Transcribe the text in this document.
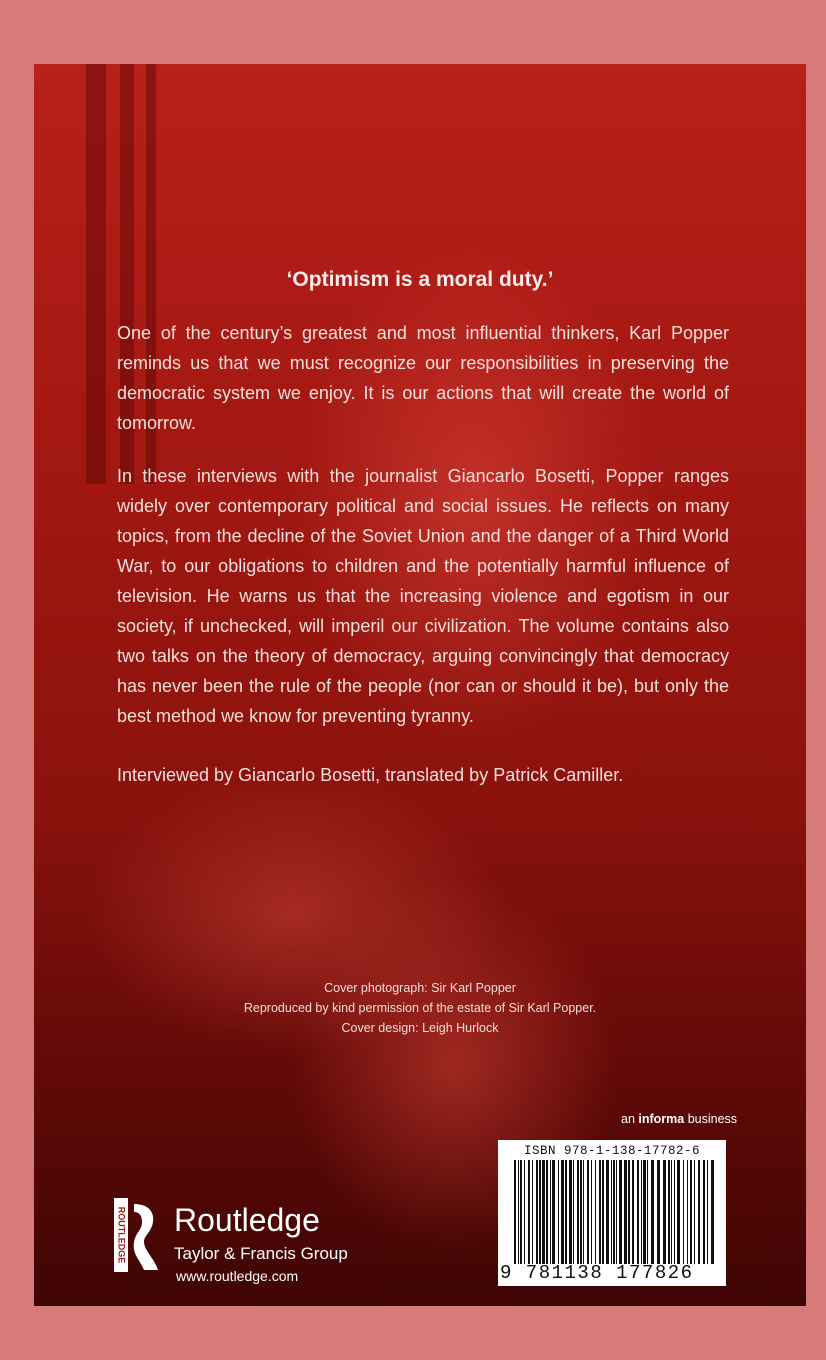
‘Optimism is a moral duty.’
One of the century’s greatest and most influential thinkers, Karl Popper reminds us that we must recognize our responsibilities in preserving the democratic system we enjoy. It is our actions that will create the world of tomorrow.
In these interviews with the journalist Giancarlo Bosetti, Popper ranges widely over contemporary political and social issues. He reflects on many topics, from the decline of the Soviet Union and the danger of a Third World War, to our obligations to children and the potentially harmful influence of television. He warns us that the increasing violence and egotism in our society, if unchecked, will imperil our civilization. The volume contains also two talks on the theory of democracy, arguing convincingly that democracy has never been the rule of the people (nor can or should it be), but only the best method we know for preventing tyranny.
Interviewed by Giancarlo Bosetti, translated by Patrick Camiller.
Cover photograph: Sir Karl Popper
Reproduced by kind permission of the estate of Sir Karl Popper.
Cover design: Leigh Hurlock
an informa business
ISBN 978-1-138-17782-6
9 781138 177826
ROUTLEDGE Routledge
Taylor & Francis Group
www.routledge.com
